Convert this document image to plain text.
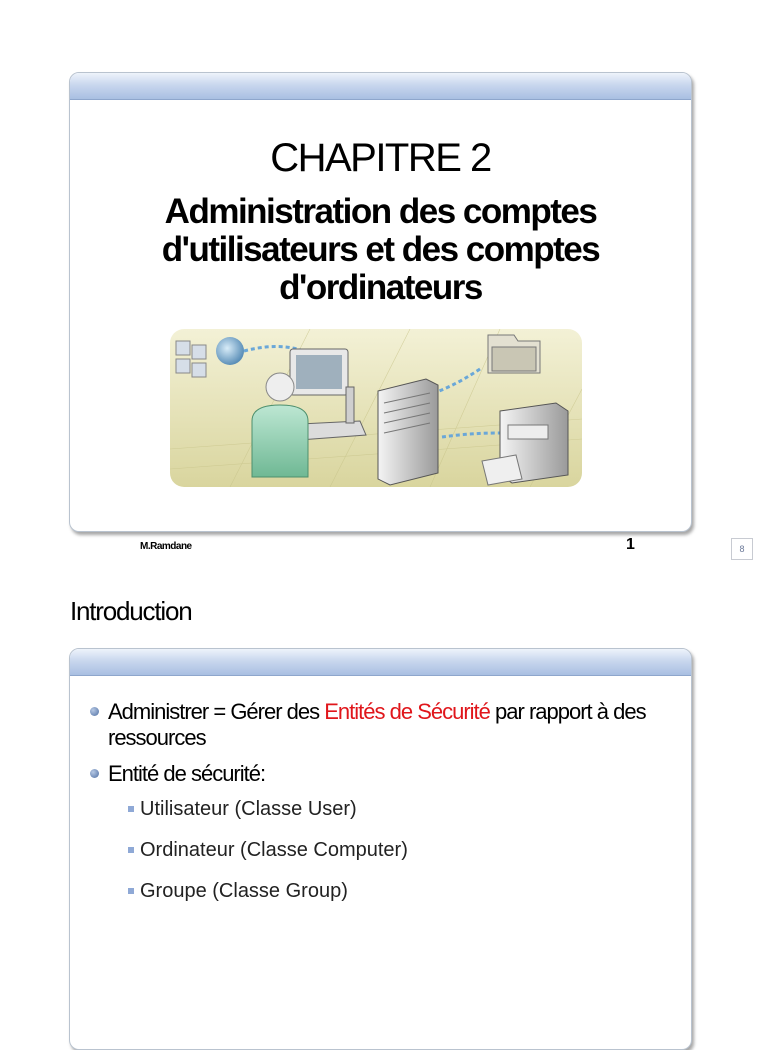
CHAPITRE 2
Administration des comptes
d'utilisateurs et des comptes
d'ordinateurs
M.Ramdane	1	8
Introduction
Administrer = Gérer des Entités de Sécurité par rapport à des ressources
Entité de sécurité:
Utilisateur (Classe User)
Ordinateur (Classe Computer)
Groupe (Classe Group)
